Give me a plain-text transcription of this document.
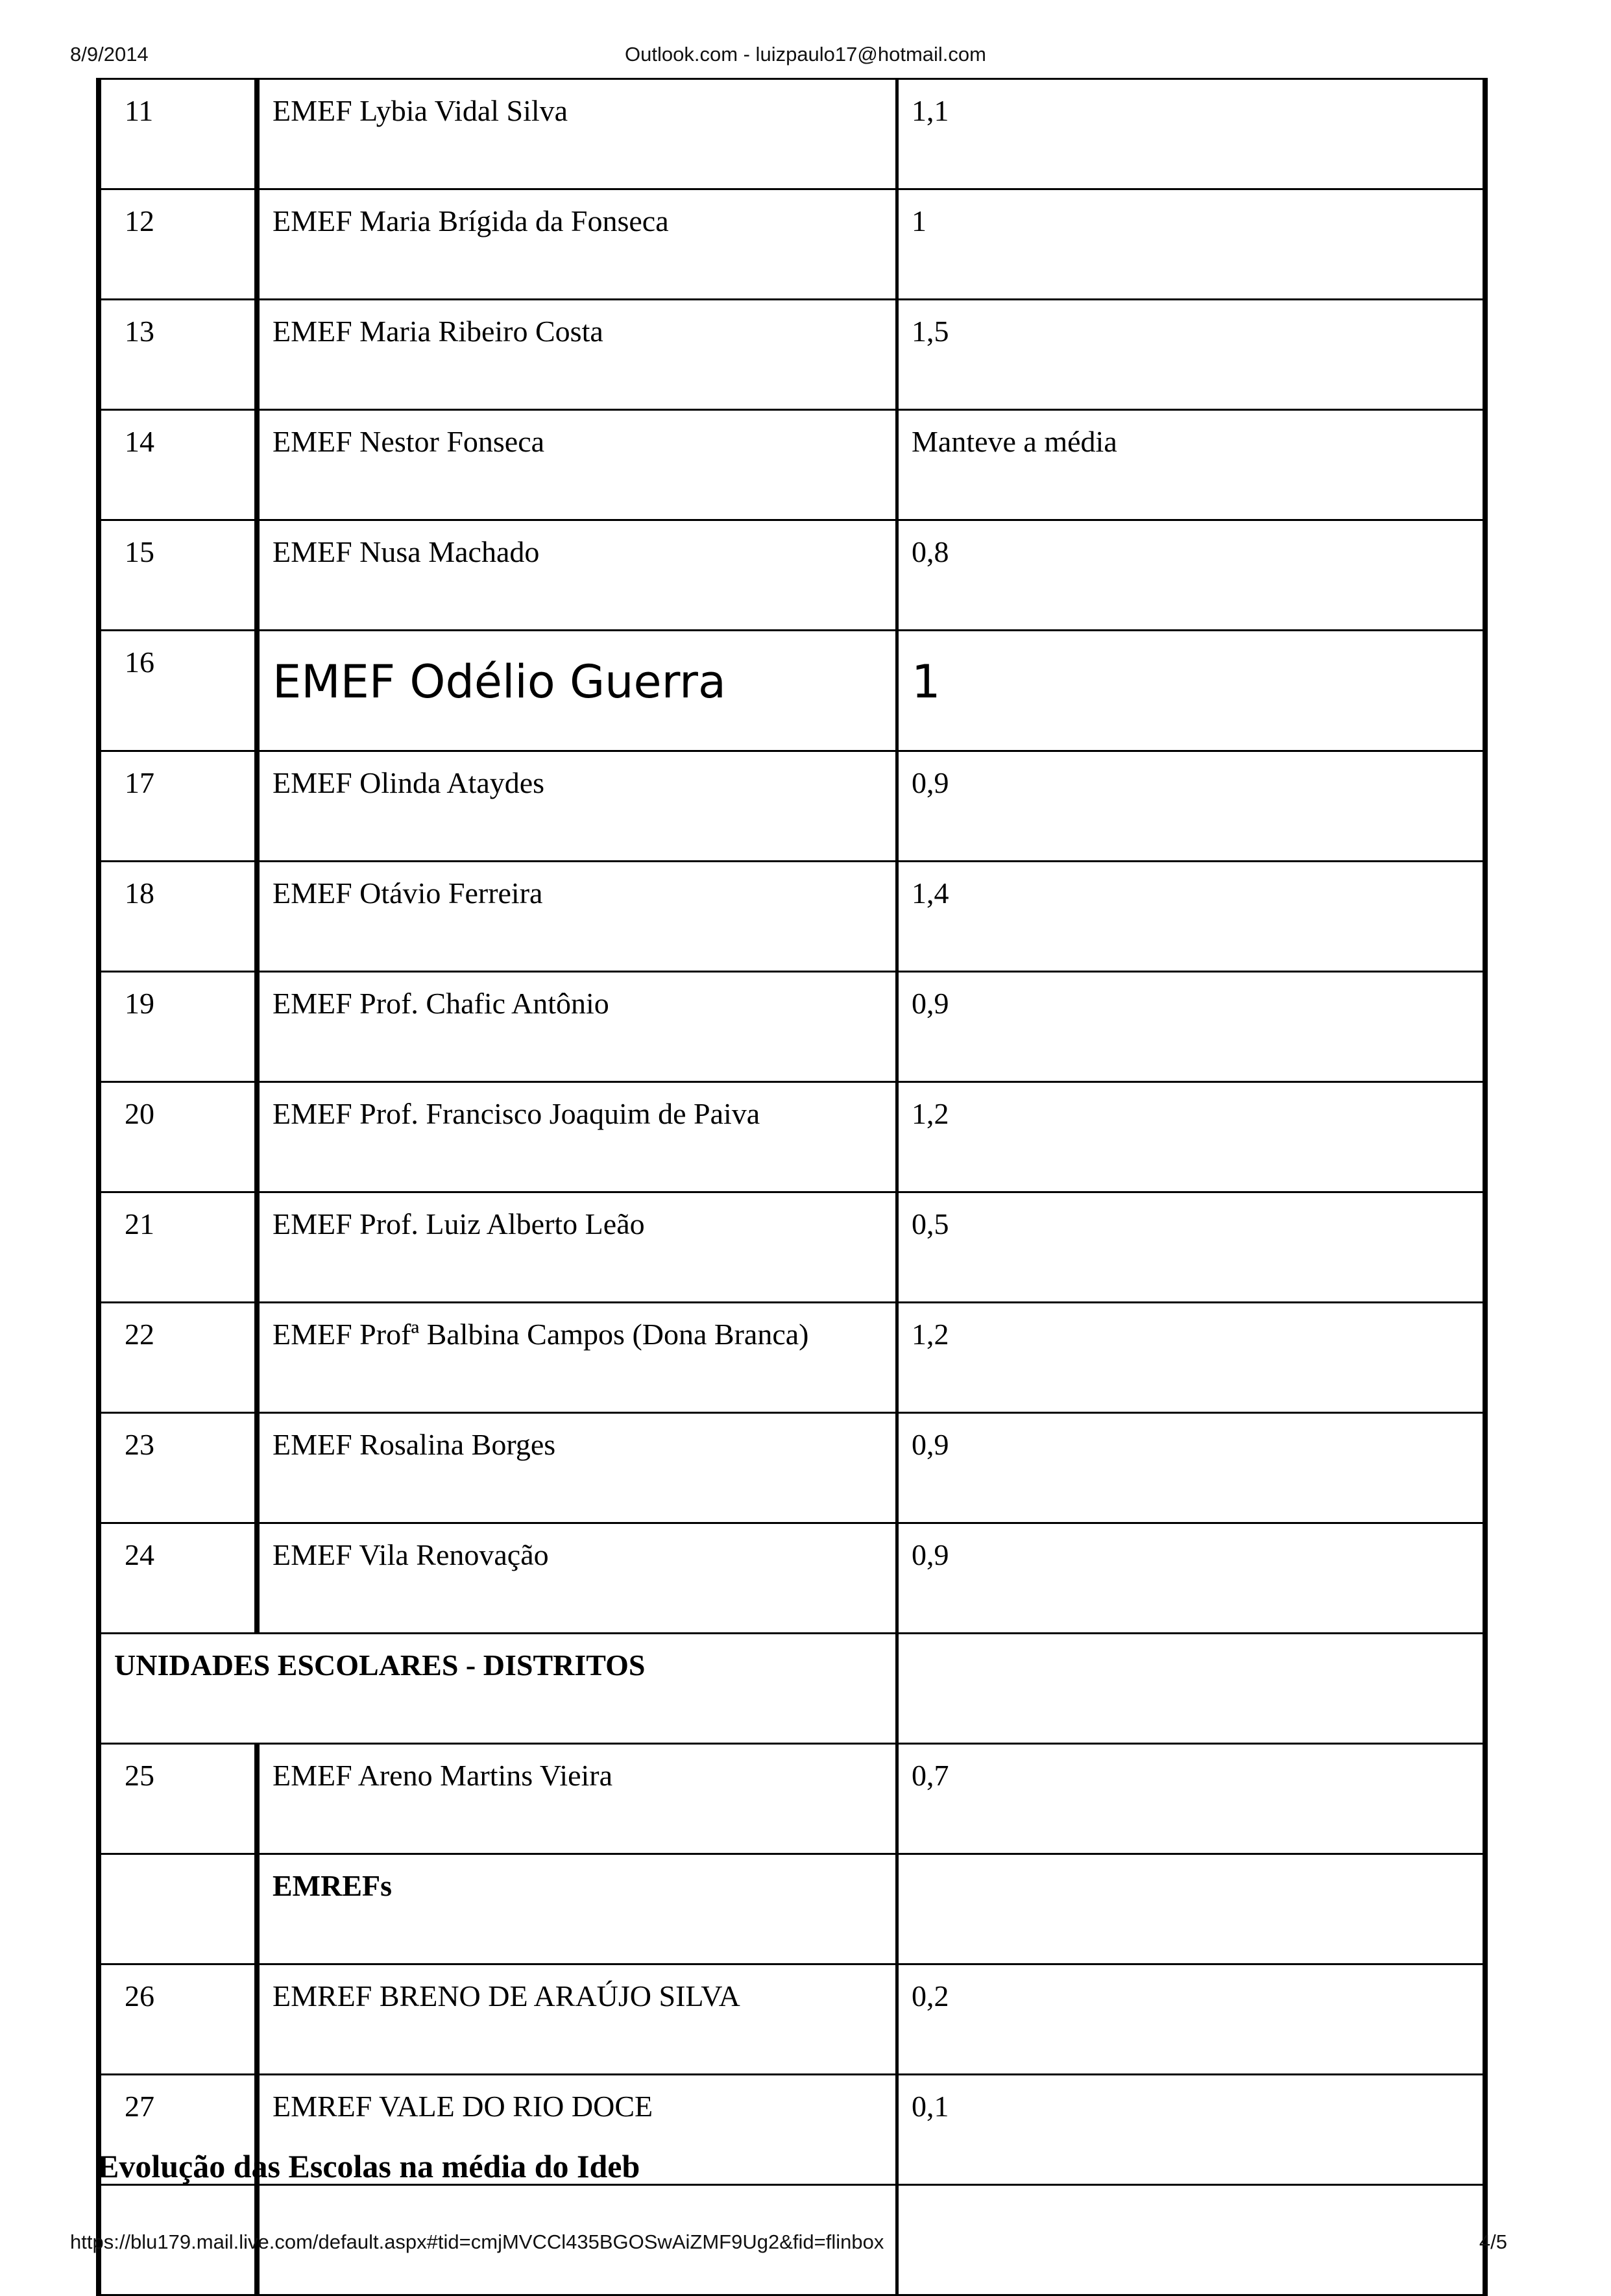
8/9/2014	Outlook.com - luizpaulo17@hotmail.com
11	EMEF Lybia Vidal Silva	1,1
12	EMEF Maria Brígida da Fonseca	1
13	EMEF Maria Ribeiro Costa	1,5
14	EMEF Nestor Fonseca	Manteve a média
15	EMEF Nusa Machado	0,8
16	EMEF Odélio Guerra	1
17	EMEF Olinda Ataydes	0,9
18	EMEF Otávio Ferreira	1,4
19	EMEF Prof. Chafic Antônio	0,9
20	EMEF Prof. Francisco Joaquim de Paiva	1,2
21	EMEF Prof. Luiz Alberto Leão	0,5
22	EMEF Profª Balbina Campos (Dona Branca)	1,2
23	EMEF Rosalina Borges	0,9
24	EMEF Vila Renovação	0,9
UNIDADES ESCOLARES - DISTRITOS		
25	EMEF Areno Martins Vieira	0,7
	EMREFs	
26	EMREF BRENO DE ARAÚJO SILVA	0,2
27	EMREF VALE DO RIO DOCE	0,1

Evolução das Escolas na média do Ideb
https://blu179.mail.live.com/default.aspx#tid=cmjMVCCl435BGOSwAiZMF9Ug2&fid=flinbox	4/5
